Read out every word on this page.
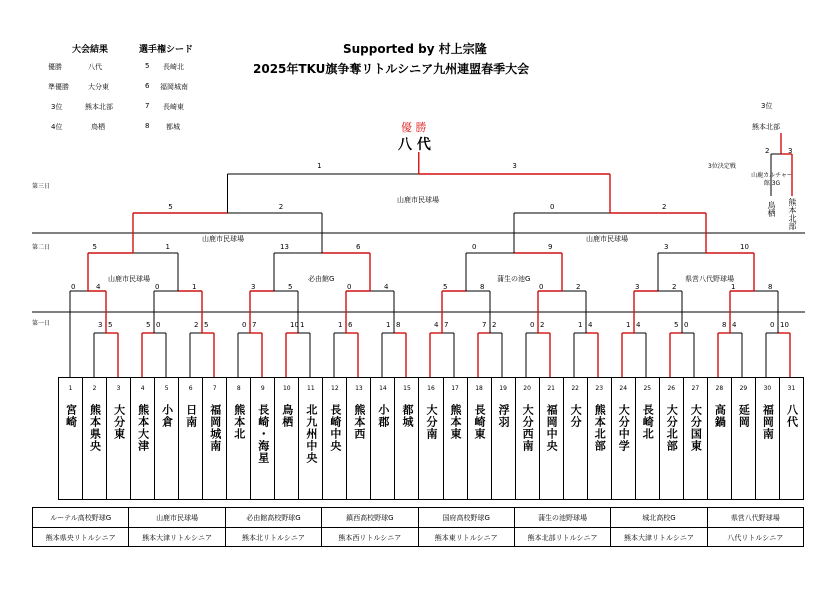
Supported by 村上宗隆
2025年TKU旗争奪リトルシニア九州連盟春季大会
大会結果
優勝	八代
準優勝	大分東
3位	熊本北部
4位	鳥栖
選手権シード
5 長崎北
6 福岡城南
7 長崎東
8 都城	優 勝
八 代
3位
熊本北部
3位決定戦
山鹿カルチャー館 3G
2	3
鳥栖 熊本北部
第三日
第二日
第一日
山鹿市民球場
山鹿市民球場	山鹿市民球場
山鹿市民球場	必由館G	蒲生の池G	県営八代野球場
1	3
5	2	0	2
5	1	13	6	0	9	3	10
0	4	0	1	3	5	0	4	5	8	0	2	3	2	1	8
3 5	5 0	2 5	0 7	10 1	1 6	1 8	4 7	7 2	0 2	1 4	1 4	5 0	8 4	0 10
1
宮崎
2
熊本県央
3
大分東
4
熊本大津
5
小倉
6
日南
7
福岡城南
8
熊本北
9
長崎・海星
10
鳥栖
11
北九州中央
12
長崎中央
13
熊本西
14
小郡
15
都城
16
大分南
17
熊本東
18
長崎東
19
浮羽
20
大分西南
21
福岡中央
22
大分
23
熊本北部
24
大分中学
25
長崎北
26
大分北部
27
大分国東
28
高鍋
29
延岡
30
福岡南
31
八代
ルーテル高校野球G	山鹿市民球場	必由館高校野球G	鎮西高校野球G	国府高校野球G	蒲生の池野球場	城北高校G	県営八代野球場
熊本県央リトルシニア	熊本大津リトルシニア	熊本北リトルシニア	熊本西リトルシニア	熊本東リトルシニア	熊本北部リトルシニア	熊本大津リトルシニア	八代リトルシニア
